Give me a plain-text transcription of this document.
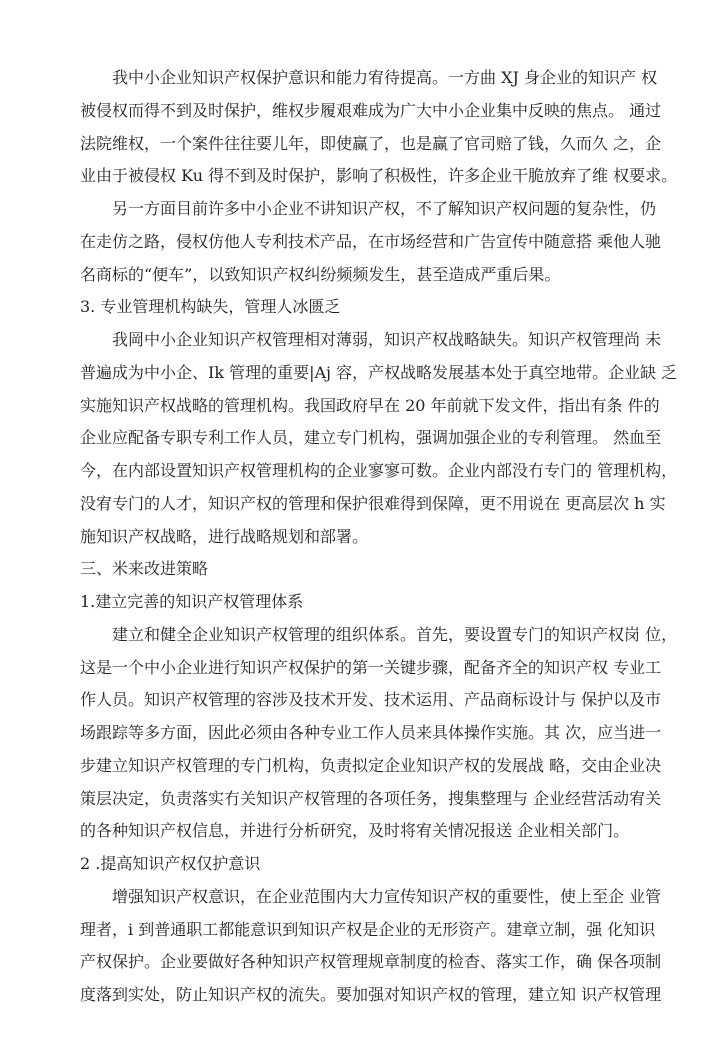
我中小企业知识产权保护意识和能力宥待提高。一方曲 XJ 身企业的知识产 权
被侵权而得不到及时保护，维权步履艰难成为广大中小企业集中反映的焦点。 通过
法院维权，一个案件往往要儿年，即使赢了，也是赢了官司赔了钱，久而久 之，企
业由于被侵权 Ku 得不到及时保护，影响了积极性，许多企业干脆放弃了维 权要求。
另一方面目前许多中小企业不讲知识产权，不了解知识产权问题的复杂性，仍
在走仿之路，侵权仿他人专利技术产品，在市场经营和广告宣传中随意搭 乘他人驰
名商标的“便车”，以致知识产权纠纷频频发生，甚至造成严重后果。
3. 专业管理机构缺失，管理人冰匮乏
我岡中小企业知识产权管理相对薄弱，知识产权战略缺失。知识产权管理尚 未
普遍成为中小企、Ik 管理的重要|Aj 容，产权战略发展基本处于真空地带。企业缺 乏
实施知识产权战略的管理机构。我国政府早在 20 年前就下发文件，指出有条 件的
企业应配备专职专利工作人员，建立专门机构，强调加强企业的专利管理。 然血至
今，在内部设置知识产权管理机构的企业寥寥可数。企业内部没冇专门的 管理机构，
没宥专门的人才，知识产权的管理和保护很难得到保障，更不用说在 更高层次 h 实
施知识产权战略，进行战略规划和部署。
三、米来改进策略
1.建立完善的知识产权管理体系
建立和健全企业知识产权管理的组织体系。首先，要设置专门的知识产权岗 位，
这是一个中小企业进行知识产权保护的第一关键步骤，配备齐全的知识产权 专业工
作人员。知识产权管理的容涉及技术开发、技术运用、产品商标设计与 保护以及市
场跟踪等多方面，因此必须由各种专业工作人员来具体操作实施。其 次，应当进一
步建立知识产权管理的专门机构，负责拟定企业知识产权的发展战 略，交由企业决
策层决定，负责落实冇关知识产权管理的各项任务，搜集整理与 企业经营活动宥关
的各种知识产权信息，并进行分析研究，及时将宥关情况报送 企业相关部门。
2 .提高知识产权仅护意识
增强知识产权意识，在企业范围内大力宣传知识产权的重要性，使上至企 业管
理者，i 到普通职工都能意识到知识产权是企业的无形资产。建章立制，强 化知识
产权保护。企业要做好各种知识产权管理规章制度的检杳、落实工作，确 保各项制
度落到实处，防止知识产权的流失。要加强对知识产权的管理，建立知 识产权管理
